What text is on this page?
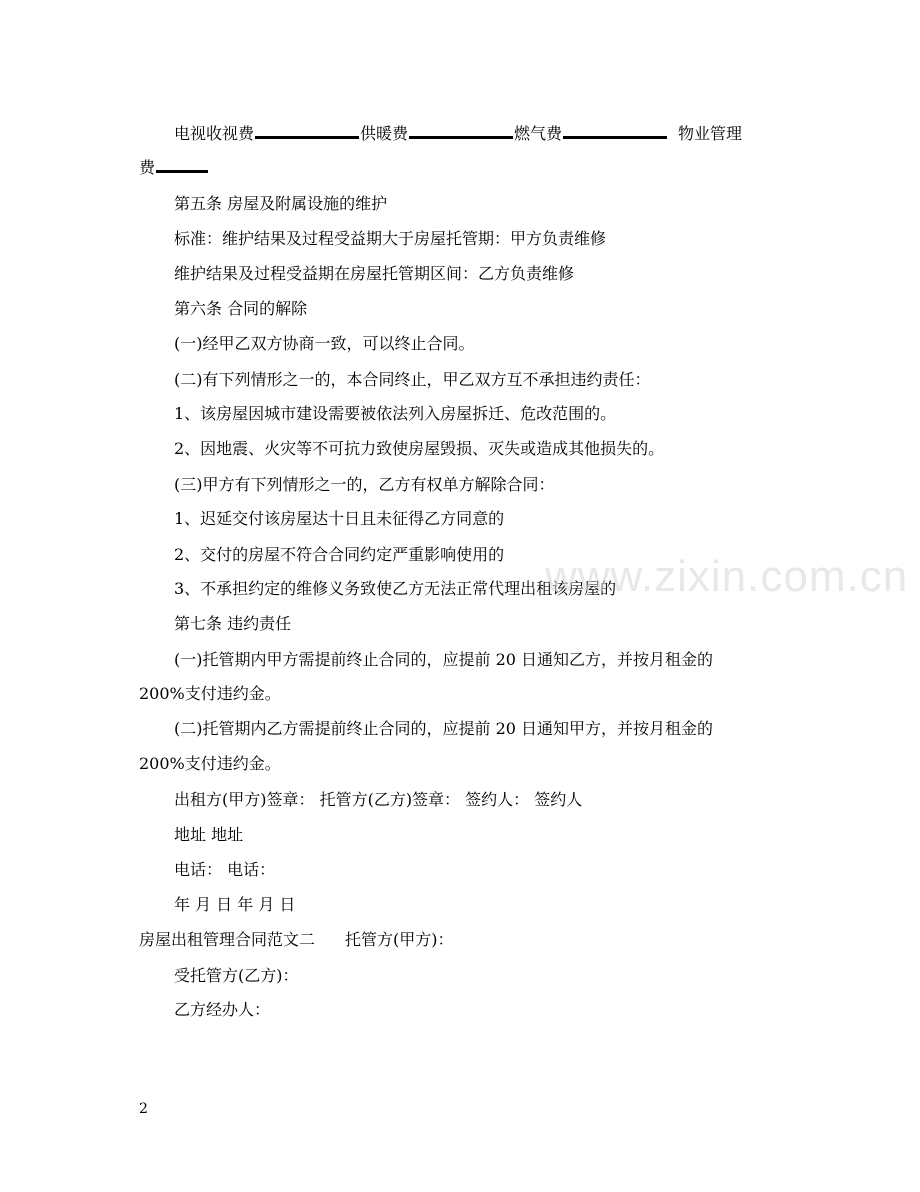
电视收视费	供暖费	燃气费	物业管理
费
第五条 房屋及附属设施的维护
标准：维护结果及过程受益期大于房屋托管期：甲方负责维修
维护结果及过程受益期在房屋托管期区间：乙方负责维修
第六条 合同的解除
(一)经甲乙双方协商一致，可以终止合同。
(二)有下列情形之一的，本合同终止，甲乙双方互不承担违约责任：
1、该房屋因城市建设需要被依法列入房屋拆迁、危改范围的。
2、因地震、火灾等不可抗力致使房屋毁损、灭失或造成其他损失的。
(三)甲方有下列情形之一的，乙方有权单方解除合同：
1、迟延交付该房屋达十日且未征得乙方同意的
2、交付的房屋不符合合同约定严重影响使用的
3、不承担约定的维修义务致使乙方无法正常代理出租该房屋的
第七条 违约责任
(一)托管期内甲方需提前终止合同的，应提前 20 日通知乙方，并按月租金的
200%支付违约金。
(二)托管期内乙方需提前终止合同的，应提前 20 日通知甲方，并按月租金的
200%支付违约金。
出租方(甲方)签章： 托管方(乙方)签章： 签约人： 签约人
地址 地址
电话： 电话：
年 月 日 年 月 日
房屋出租管理合同范文二 托管方(甲方)：
受托管方(乙方)：
乙方经办人：
www.zixin.com.cn
2
